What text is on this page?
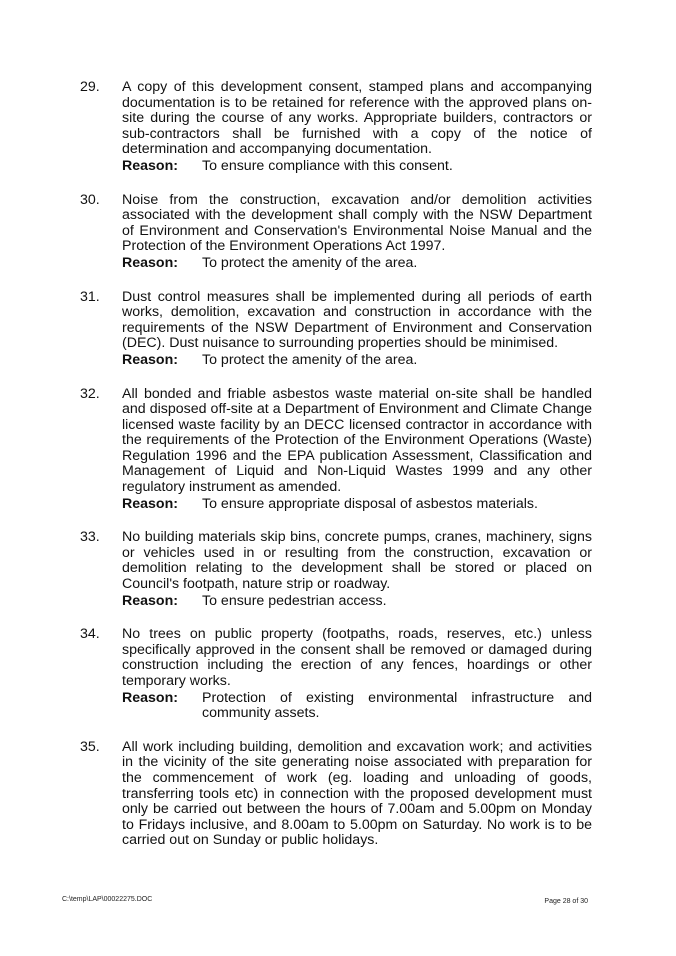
29. A copy of this development consent, stamped plans and accompanying documentation is to be retained for reference with the approved plans on-site during the course of any works. Appropriate builders, contractors or sub-contractors shall be furnished with a copy of the notice of determination and accompanying documentation.

Reason:	To ensure compliance with this consent.
30. Noise from the construction, excavation and/or demolition activities associated with the development shall comply with the NSW Department of Environment and Conservation's Environmental Noise Manual and the Protection of the Environment Operations Act 1997.

Reason:	To protect the amenity of the area.
31. Dust control measures shall be implemented during all periods of earth works, demolition, excavation and construction in accordance with the requirements of the NSW Department of Environment and Conservation (DEC). Dust nuisance to surrounding properties should be minimised.

Reason:	To protect the amenity of the area.
32. All bonded and friable asbestos waste material on-site shall be handled and disposed off-site at a Department of Environment and Climate Change licensed waste facility by an DECC licensed contractor in accordance with the requirements of the Protection of the Environment Operations (Waste) Regulation 1996 and the EPA publication Assessment, Classification and Management of Liquid and Non-Liquid Wastes 1999 and any other regulatory instrument as amended.

Reason:	To ensure appropriate disposal of asbestos materials.
33. No building materials skip bins, concrete pumps, cranes, machinery, signs or vehicles used in or resulting from the construction, excavation or demolition relating to the development shall be stored or placed on Council's footpath, nature strip or roadway.

Reason:	To ensure pedestrian access.
34. No trees on public property (footpaths, roads, reserves, etc.) unless specifically approved in the consent shall be removed or damaged during construction including the erection of any fences, hoardings or other temporary works.

Reason:	Protection of existing environmental infrastructure and
community assets.
35. All work including building, demolition and excavation work; and activities in the vicinity of the site generating noise associated with preparation for the commencement of work (eg. loading and unloading of goods, transferring tools etc) in connection with the proposed development must only be carried out between the hours of 7.00am and 5.00pm on Monday to Fridays inclusive, and 8.00am to 5.00pm on Saturday. No work is to be carried out on Sunday or public holidays.

C:\temp\LAP\00022275.DOC	Page 28 of 30
